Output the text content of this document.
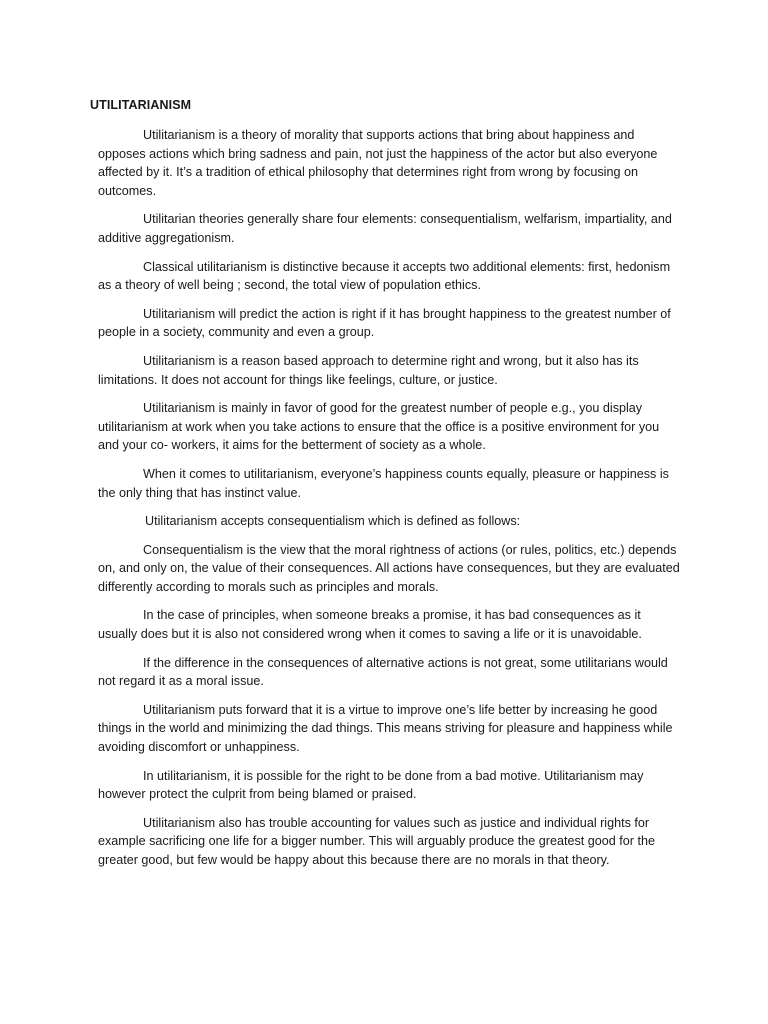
UTILITARIANISM

Utilitarianism is a theory of morality that supports actions that bring about happiness and opposes actions which bring sadness and pain, not just the happiness of the actor but also everyone affected by it. It’s a tradition of ethical philosophy that determines right from wrong by focusing on outcomes.

Utilitarian theories generally share four elements: consequentialism, welfarism, impartiality, and additive aggregationism.

Classical utilitarianism is distinctive because it accepts two additional elements: first, hedonism as a theory of well being ; second, the total view of population ethics.

Utilitarianism will predict the action is right if it has brought happiness to the greatest number of people in a society, community and even a group.

Utilitarianism is a reason based approach to determine right and wrong, but it also has its limitations. It does not account for things like feelings, culture, or justice.

Utilitarianism is mainly in favor of good for the greatest number of people e.g., you display utilitarianism at work when you take actions to ensure that the office is a positive environment for you and your co- workers, it aims for the betterment of society as a whole.

When it comes to utilitarianism, everyone’s happiness counts equally, pleasure or happiness is the only thing that has instinct value.

Utilitarianism accepts consequentialism which is defined as follows:

Consequentialism is the view that the moral rightness of actions (or rules, politics, etc.) depends on, and only on, the value of their consequences. All actions have consequences, but they are evaluated differently according to morals such as principles and morals.

In the case of principles, when someone breaks a promise, it has bad consequences as it usually does but it is also not considered wrong when it comes to saving a life or it is unavoidable.

If the difference in the consequences of alternative actions is not great, some utilitarians would not regard it as a moral issue.

Utilitarianism puts forward that it is a virtue to improve one’s life better by increasing he good things in the world and minimizing the dad things. This means striving for pleasure and happiness while avoiding discomfort or unhappiness.

In utilitarianism, it is possible for the right to be done from a bad motive. Utilitarianism may however protect the culprit from being blamed or praised.

Utilitarianism also has trouble accounting for values such as justice and individual rights for example sacrificing one life for a bigger number. This will arguably produce the greatest good for the greater good, but few would be happy about this because there are no morals in that theory.
